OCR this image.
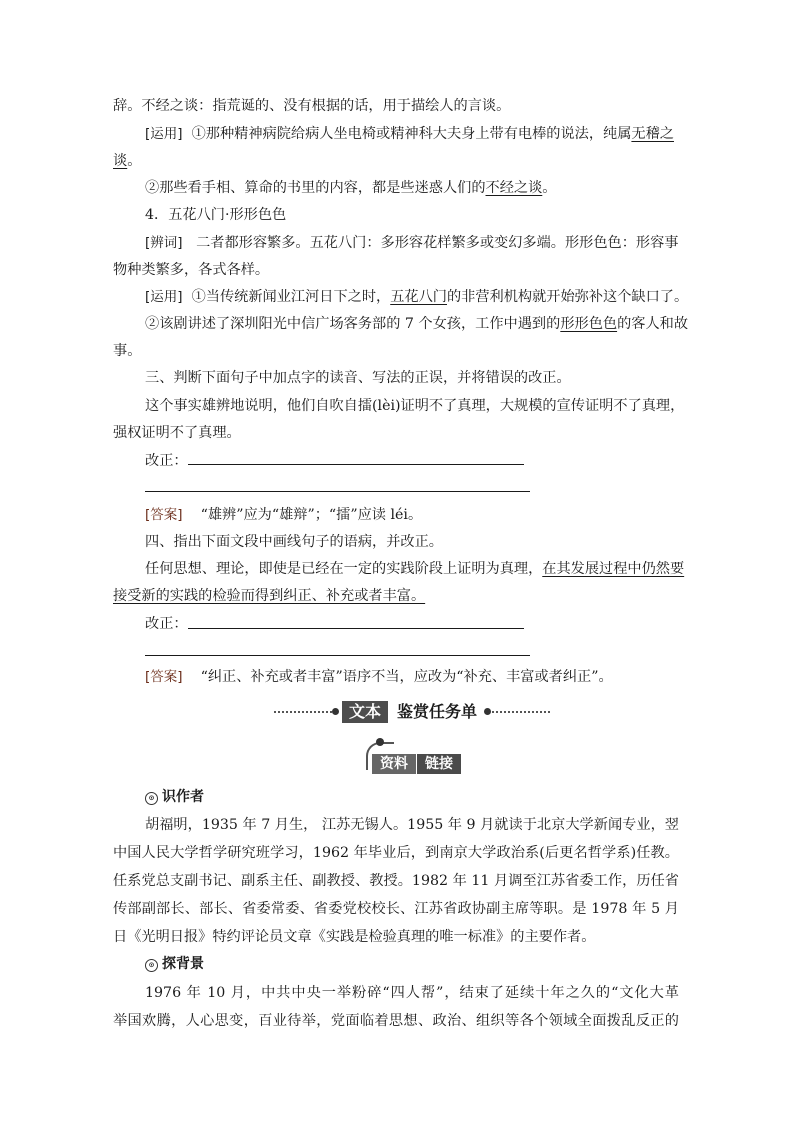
辞。不经之谈：指荒诞的、没有根据的话，用于描绘人的言谈。
[运用] ①那种精神病院给病人坐电椅或精神科大夫身上带有电棒的说法，纯属无稽之
谈。
②那些看手相、算命的书里的内容，都是些迷惑人们的不经之谈。
4．五花八门·形形色色
[辨词] 二者都形容繁多。五花八门：多形容花样繁多或变幻多端。形形色色：形容事
物种类繁多，各式各样。
[运用] ①当传统新闻业江河日下之时，五花八门的非营利机构就开始弥补这个缺口了。
②该剧讲述了深圳阳光中信广场客务部的 7 个女孩，工作中遇到的形形色色的客人和故
事。
三、判断下面句子中加点字的读音、写法的正误，并将错误的改正。
这个事实雄辨地说明，他们自吹自擂(lèi)证明不了真理，大规模的宣传证明不了真理，
强权证明不了真理。
改正：
[答案] “雄辨”应为“雄辩”；“擂”应读 léi。
四、指出下面文段中画线句子的语病，并改正。
任何思想、理论，即使是已经在一定的实践阶段上证明为真理，在其发展过程中仍然要
接受新的实践的检验而得到纠正、补充或者丰富。
改正：
[答案] “纠正、补充或者丰富”语序不当，应改为“补充、丰富或者纠正”。
文本	鉴赏任务单
资料	链接
⊙ 识作者
胡福明，1935 年 7 月生， 江苏无锡人。1955 年 9 月就读于北京大学新闻专业，翌
中国人民大学哲学研究班学习，1962 年毕业后，到南京大学政治系(后更名哲学系)任教。
任系党总支副书记、副系主任、副教授、教授。1982 年 11 月调至江苏省委工作，历任省
传部副部长、部长、省委常委、省委党校校长、江苏省政协副主席等职。是 1978 年 5 月
日《光明日报》特约评论员文章《实践是检验真理的唯一标准》的主要作者。
⊙ 探背景
1976 年 10 月，中共中央一举粉碎“四人帮”，结束了延续十年之久的“文化大革
举国欢腾，人心思变，百业待举，党面临着思想、政治、组织等各个领域全面拨乱反正的
